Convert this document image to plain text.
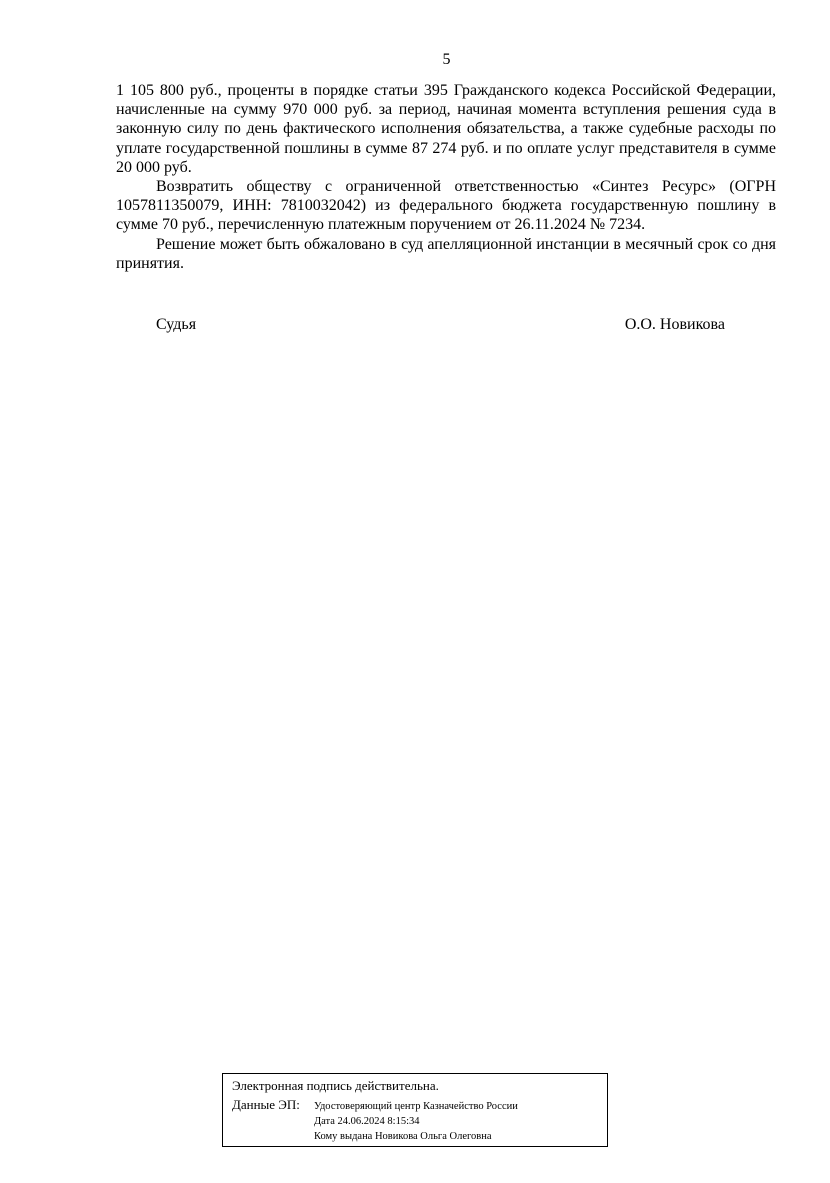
5

1 105 800 руб., проценты в порядке статьи 395 Гражданского кодекса Российской Федерации, начисленные на сумму 970 000 руб. за период, начиная момента вступления решения суда в законную силу по день фактического исполнения обязательства, а также судебные расходы по уплате государственной пошлины в сумме 87 274 руб. и по оплате услуг представителя в сумме 20 000 руб.

Возвратить обществу с ограниченной ответственностью «Синтез Ресурс» (ОГРН 1057811350079, ИНН: 7810032042) из федерального бюджета государственную пошлину в сумме 70 руб., перечисленную платежным поручением от 26.11.2024 № 7234.

Решение может быть обжаловано в суд апелляционной инстанции в месячный срок со дня принятия.

Судья	О.О. Новикова
Электронная подпись действительна.
Данные ЭП: Удостоверяющий центр Казначейство России
Дата 24.06.2024 8:15:34
Кому выдана Новикова Ольга Олеговна
